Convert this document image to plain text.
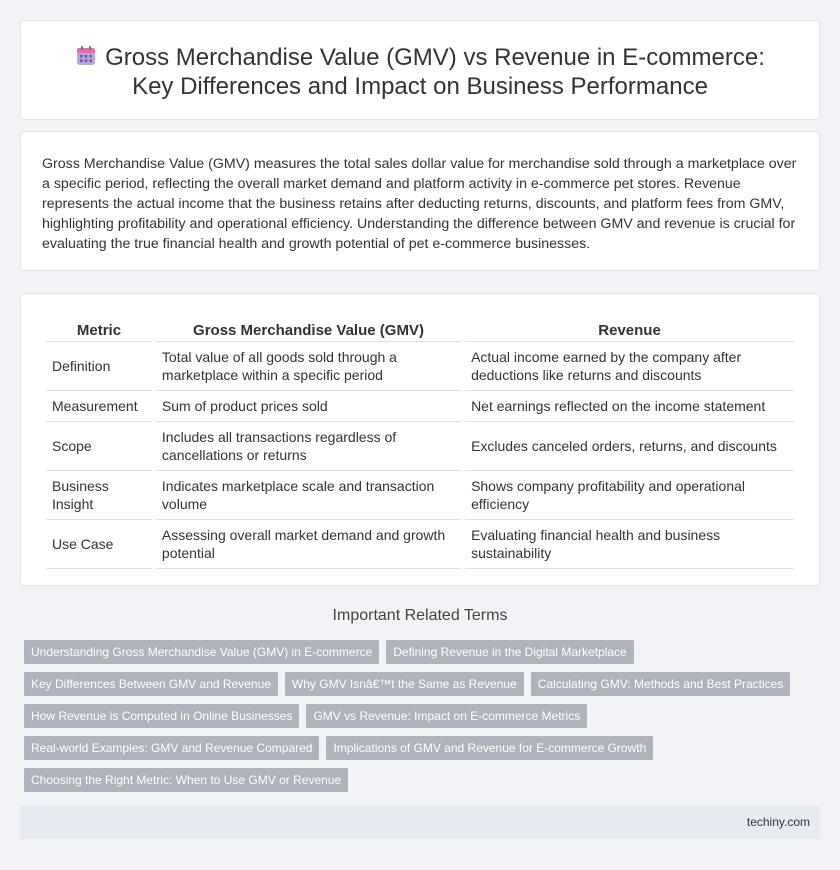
Gross Merchandise Value (GMV) vs Revenue in E-commerce: Key Differences and Impact on Business Performance

Gross Merchandise Value (GMV) measures the total sales dollar value for merchandise sold through a marketplace over a specific period, reflecting the overall market demand and platform activity in e-commerce pet stores. Revenue represents the actual income that the business retains after deducting returns, discounts, and platform fees from GMV, highlighting profitability and operational efficiency. Understanding the difference between GMV and revenue is crucial for evaluating the true financial health and growth potential of pet e-commerce businesses.

Metric	Gross Merchandise Value (GMV)	Revenue
Definition	Total value of all goods sold through a marketplace within a specific period	Actual income earned by the company after deductions like returns and discounts
Measurement	Sum of product prices sold	Net earnings reflected on the income statement
Scope	Includes all transactions regardless of cancellations or returns	Excludes canceled orders, returns, and discounts
Business Insight	Indicates marketplace scale and transaction volume	Shows company profitability and operational efficiency
Use Case	Assessing overall market demand and growth potential	Evaluating financial health and business sustainability
Important Related Terms
Understanding Gross Merchandise Value (GMV) in E-commerce Defining Revenue in the Digital Marketplace
Key Differences Between GMV and Revenue Why GMV Isnâ€™t the Same as Revenue Calculating GMV: Methods and Best Practices
How Revenue is Computed in Online Businesses GMV vs Revenue: Impact on E-commerce Metrics
Real-world Examples: GMV and Revenue Compared Implications of GMV and Revenue for E-commerce Growth
Choosing the Right Metric: When to Use GMV or Revenue
techiny.com
